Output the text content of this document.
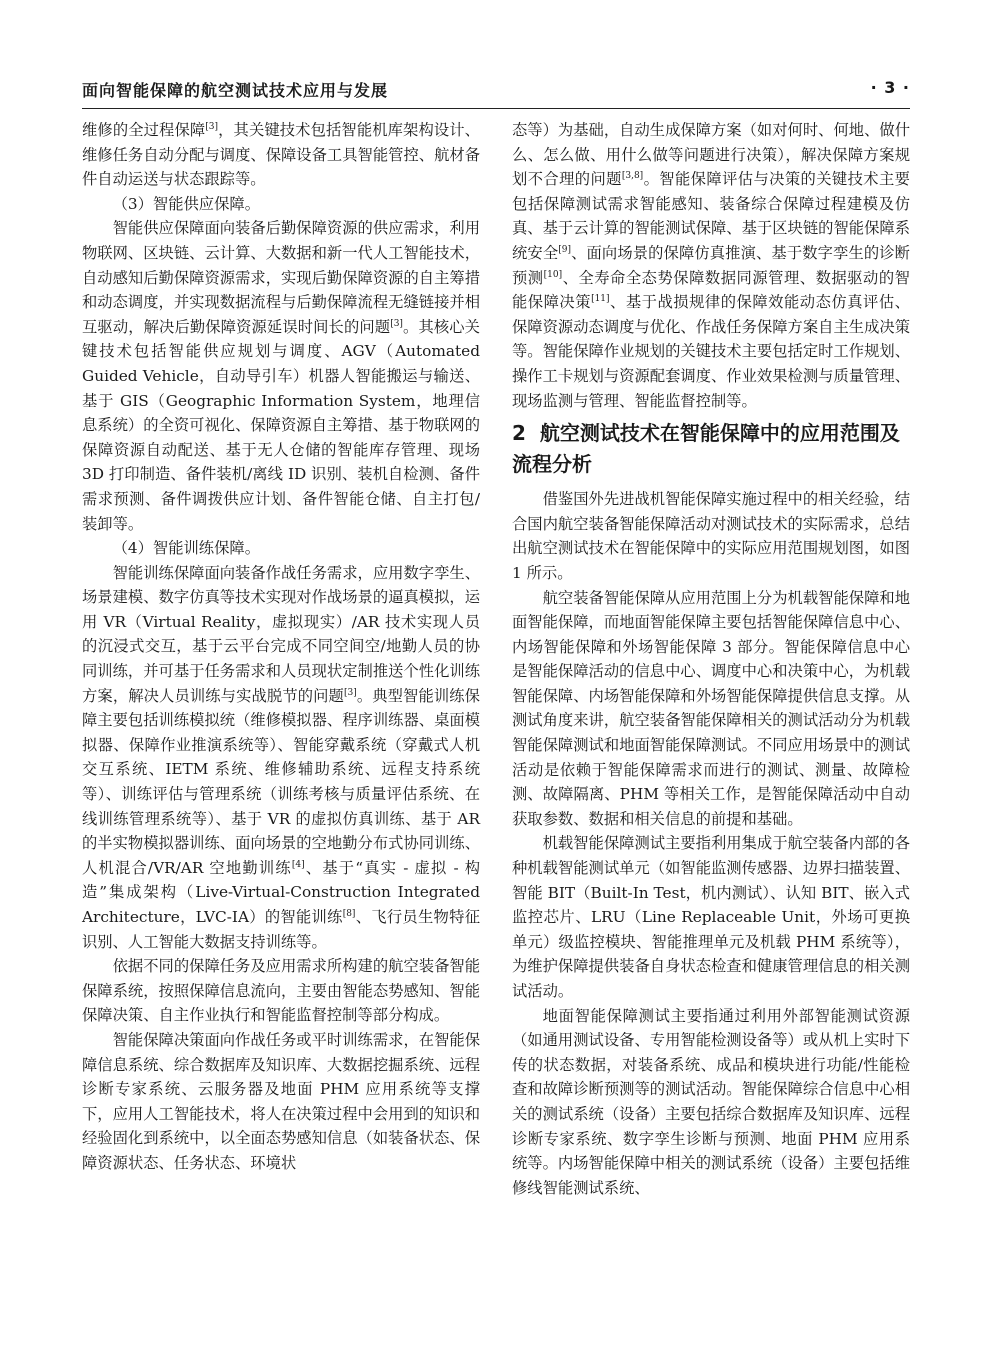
面向智能保障的航空测试技术应用与发展	· 3 ·

维修的全过程保障[3]，其关键技术包括智能机库架构设计、维修任务自动分配与调度、保障设备工具智能管控、航材备件自动运送与状态跟踪等。

（3）智能供应保障。

智能供应保障面向装备后勤保障资源的供应需求，利用物联网、区块链、云计算、大数据和新一代人工智能技术，自动感知后勤保障资源需求，实现后勤保障资源的自主筹措和动态调度，并实现数据流程与后勤保障流程无缝链接并相互驱动，解决后勤保障资源延误时间长的问题[3]。其核心关键技术包括智能供应规划与调度、AGV（Automated Guided Vehicle，自动导引车）机器人智能搬运与输送、基于 GIS（Geographic Information System，地理信息系统）的全资可视化、保障资源自主筹措、基于物联网的保障资源自动配送、基于无人仓储的智能库存管理、现场 3D 打印制造、备件装机/离线 ID 识别、装机自检测、备件需求预测、备件调拨供应计划、备件智能仓储、自主打包/装卸等。

（4）智能训练保障。

智能训练保障面向装备作战任务需求，应用数字孪生、场景建模、数字仿真等技术实现对作战场景的逼真模拟，运用 VR（Virtual Reality，虚拟现实）/AR 技术实现人员的沉浸式交互，基于云平台完成不同空间空/地勤人员的协同训练，并可基于任务需求和人员现状定制推送个性化训练方案，解决人员训练与实战脱节的问题[3]。典型智能训练保障主要包括训练模拟统（维修模拟器、程序训练器、桌面模拟器、保障作业推演系统等）、智能穿戴系统（穿戴式人机交互系统、IETM 系统、维修辅助系统、远程支持系统等）、训练评估与管理系统（训练考核与质量评估系统、在线训练管理系统等）、基于 VR 的虚拟仿真训练、基于 AR 的半实物模拟器训练、面向场景的空地勤分布式协同训练、人机混合/VR/AR 空地勤训练[4]、基于“真实 - 虚拟 - 构造”集成架构（Live-Virtual-Construction Integrated Architecture，LVC-IA）的智能训练[8]、飞行员生物特征识别、人工智能大数据支持训练等。

依据不同的保障任务及应用需求所构建的航空装备智能保障系统，按照保障信息流向，主要由智能态势感知、智能保障决策、自主作业执行和智能监督控制等部分构成。

智能保障决策面向作战任务或平时训练需求，在智能保障信息系统、综合数据库及知识库、大数据挖掘系统、远程诊断专家系统、云服务器及地面 PHM 应用系统等支撑下，应用人工智能技术，将人在决策过程中会用到的知识和经验固化到系统中，以全面态势感知信息（如装备状态、保障资源状态、任务状态、环境状

态等）为基础，自动生成保障方案（如对何时、何地、做什么、怎么做、用什么做等问题进行决策），解决保障方案规划不合理的问题[3,8]。智能保障评估与决策的关键技术主要包括保障测试需求智能感知、装备综合保障过程建模及仿真、基于云计算的智能测试保障、基于区块链的智能保障系统安全[9]、面向场景的保障仿真推演、基于数字孪生的诊断预测[10]、全寿命全态势保障数据同源管理、数据驱动的智能保障决策[11]、基于战损规律的保障效能动态仿真评估、保障资源动态调度与优化、作战任务保障方案自主生成决策等。智能保障作业规划的关键技术主要包括定时工作规划、操作工卡规划与资源配套调度、作业效果检测与质量管理、现场监测与管理、智能监督控制等。

2 航空测试技术在智能保障中的应用范围及流程分析

借鉴国外先进战机智能保障实施过程中的相关经验，结合国内航空装备智能保障活动对测试技术的实际需求，总结出航空测试技术在智能保障中的实际应用范围规划图，如图 1 所示。

航空装备智能保障从应用范围上分为机载智能保障和地面智能保障，而地面智能保障主要包括智能保障信息中心、内场智能保障和外场智能保障 3 部分。智能保障信息中心是智能保障活动的信息中心、调度中心和决策中心，为机载智能保障、内场智能保障和外场智能保障提供信息支撑。从测试角度来讲，航空装备智能保障相关的测试活动分为机载智能保障测试和地面智能保障测试。不同应用场景中的测试活动是依赖于智能保障需求而进行的测试、测量、故障检测、故障隔离、PHM 等相关工作，是智能保障活动中自动获取参数、数据和相关信息的前提和基础。

机载智能保障测试主要指利用集成于航空装备内部的各种机载智能测试单元（如智能监测传感器、边界扫描装置、智能 BIT（Built-In Test，机内测试）、认知 BIT、嵌入式监控芯片、LRU（Line Replaceable Unit，外场可更换单元）级监控模块、智能推理单元及机载 PHM 系统等），为维护保障提供装备自身状态检查和健康管理信息的相关测试活动。

地面智能保障测试主要指通过利用外部智能测试资源（如通用测试设备、专用智能检测设备等）或从机上实时下传的状态数据，对装备系统、成品和模块进行功能/性能检查和故障诊断预测等的测试活动。智能保障综合信息中心相关的测试系统（设备）主要包括综合数据库及知识库、远程诊断专家系统、数字孪生诊断与预测、地面 PHM 应用系统等。内场智能保障中相关的测试系统（设备）主要包括维修线智能测试系统、
